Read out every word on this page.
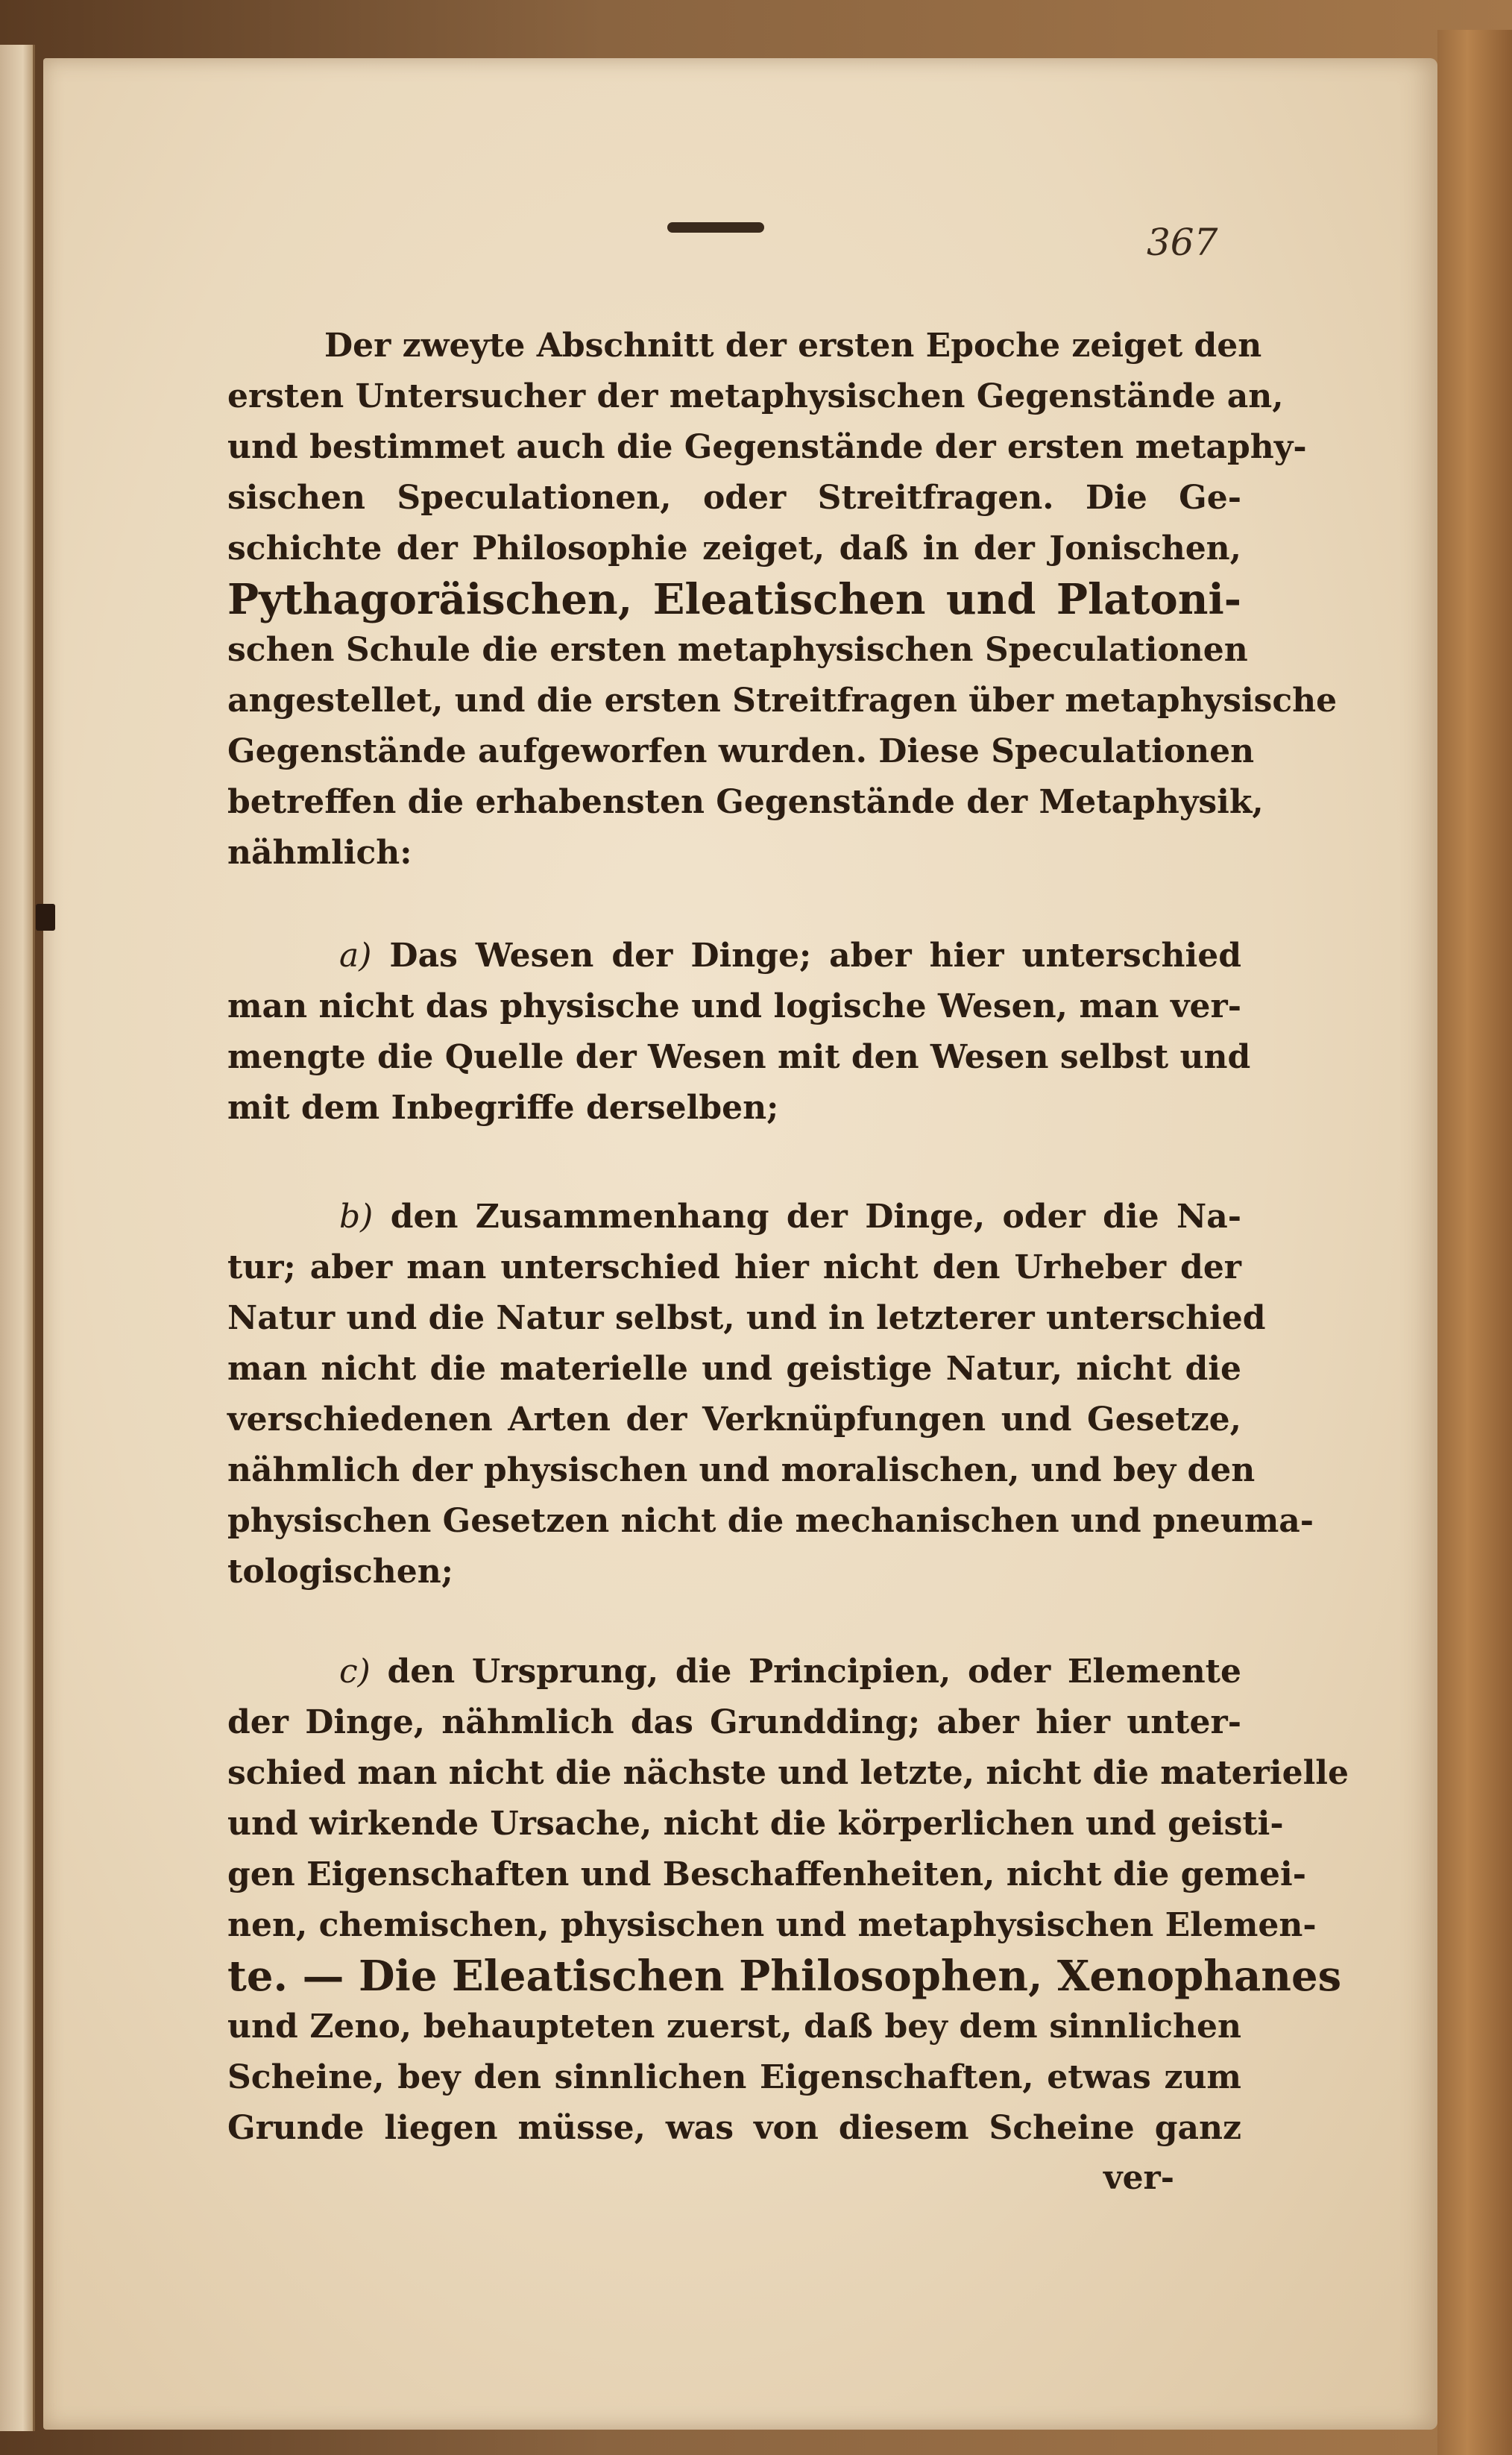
367
Der zweyte Abschnitt der ersten Epoche zeiget den
ersten Untersucher der metaphysischen Gegenstände an,
und bestimmet auch die Gegenstände der ersten metaphy-
sischen Speculationen, oder Streitfragen. Die Ge-
schichte der Philosophie zeiget, daß in der Jonischen,
Pythagoräischen, Eleatischen und Platoni-
schen Schule die ersten metaphysischen Speculationen
angestellet, und die ersten Streitfragen über metaphysische
Gegenstände aufgeworfen wurden. Diese Speculationen
betreffen die erhabensten Gegenstände der Metaphysik,
nähmlich:
a) Das Wesen der Dinge; aber hier unterschied
man nicht das physische und logische Wesen, man ver-
mengte die Quelle der Wesen mit den Wesen selbst und
mit dem Inbegriffe derselben;
b) den Zusammenhang der Dinge, oder die Na-
tur; aber man unterschied hier nicht den Urheber der
Natur und die Natur selbst, und in letzterer unterschied
man nicht die materielle und geistige Natur, nicht die
verschiedenen Arten der Verknüpfungen und Gesetze,
nähmlich der physischen und moralischen, und bey den
physischen Gesetzen nicht die mechanischen und pneuma-
tologischen;
c) den Ursprung, die Principien, oder Elemente
der Dinge, nähmlich das Grundding; aber hier unter-
schied man nicht die nächste und letzte, nicht die materielle
und wirkende Ursache, nicht die körperlichen und geisti-
gen Eigenschaften und Beschaffenheiten, nicht die gemei-
nen, chemischen, physischen und metaphysischen Elemen-
te. — Die Eleatischen Philosophen, Xenophanes
und Zeno, behaupteten zuerst, daß bey dem sinnlichen
Scheine, bey den sinnlichen Eigenschaften, etwas zum
Grunde liegen müsse, was von diesem Scheine ganz
ver-
